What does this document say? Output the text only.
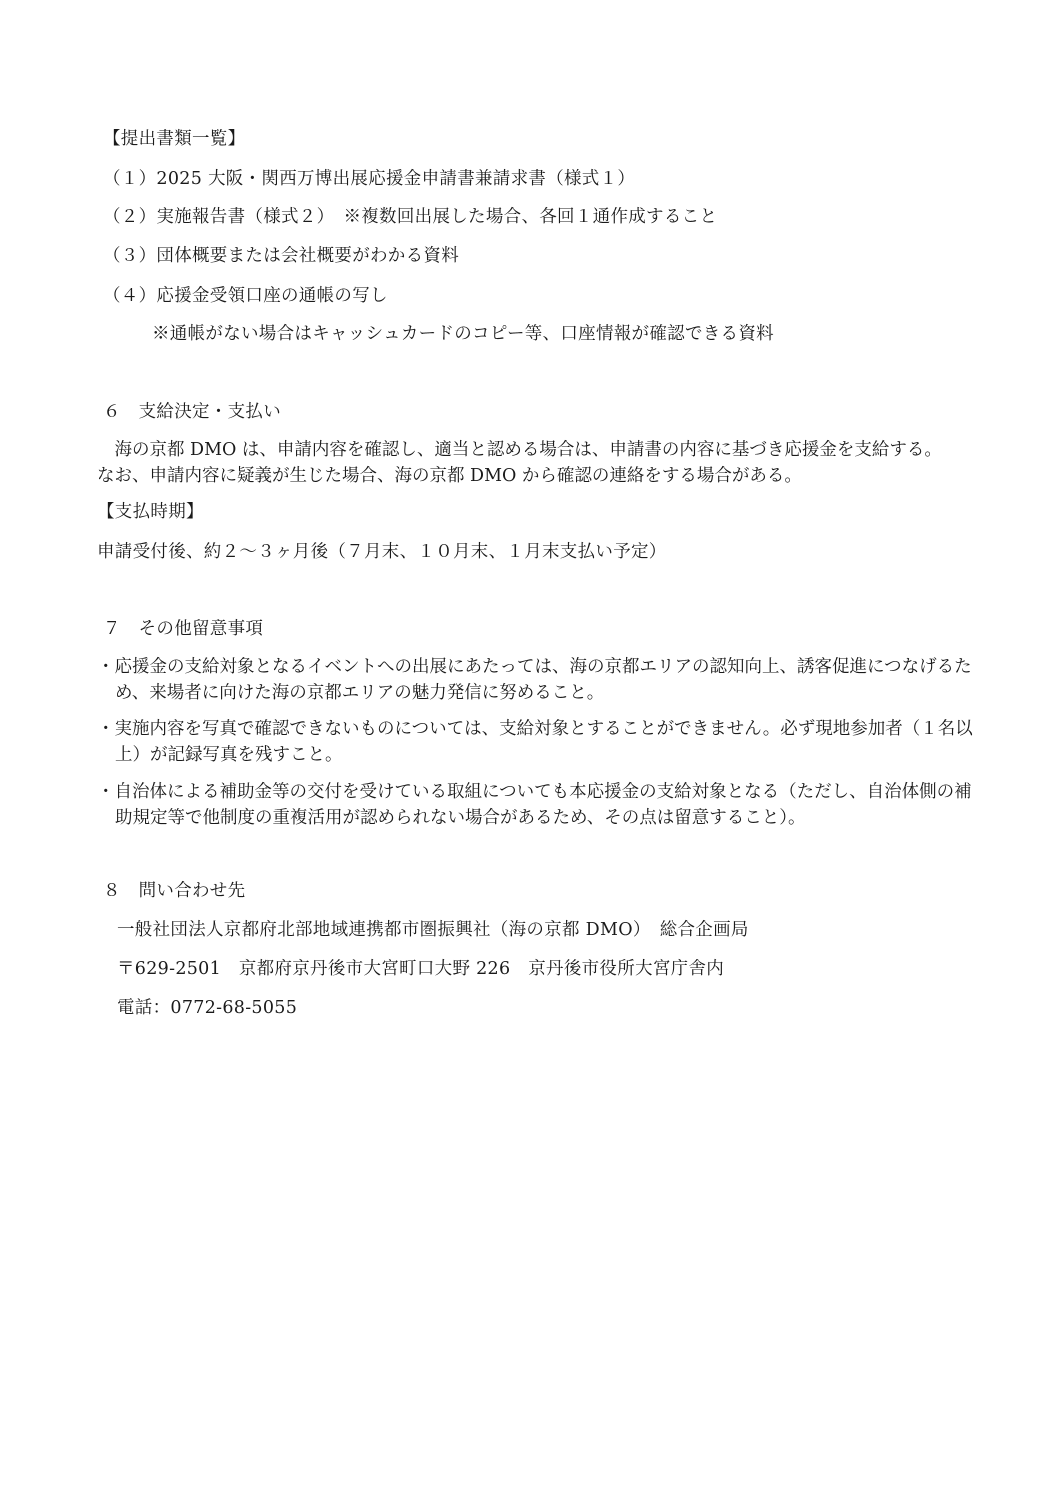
【提出書類一覧】
（１）2025 大阪・関西万博出展応援金申請書兼請求書（様式１）
（２）実施報告書（様式２）　※複数回出展した場合、各回１通作成すること
（３）団体概要または会社概要がわかる資料
（４）応援金受領口座の通帳の写し
※通帳がない場合はキャッシュカードのコピー等、口座情報が確認できる資料
６　支給決定・支払い
　海の京都 DMO は、申請内容を確認し、適当と認める場合は、申請書の内容に基づき応援金を支給する。なお、申請内容に疑義が生じた場合、海の京都 DMO から確認の連絡をする場合がある。
【支払時期】
申請受付後、約２～３ヶ月後（７月末、１０月末、１月末支払い予定）
７　その他留意事項
・応援金の支給対象となるイベントへの出展にあたっては、海の京都エリアの認知向上、誘客促進につなげるため、来場者に向けた海の京都エリアの魅力発信に努めること。
・実施内容を写真で確認できないものについては、支給対象とすることができません。必ず現地参加者（１名以上）が記録写真を残すこと。
・自治体による補助金等の交付を受けている取組についても本応援金の支給対象となる（ただし、自治体側の補助規定等で他制度の重複活用が認められない場合があるため、その点は留意すること）。
８　問い合わせ先
一般社団法人京都府北部地域連携都市圏振興社（海の京都 DMO）　総合企画局
〒629-2501　京都府京丹後市大宮町口大野 226　京丹後市役所大宮庁舎内
電話：0772-68-5055
